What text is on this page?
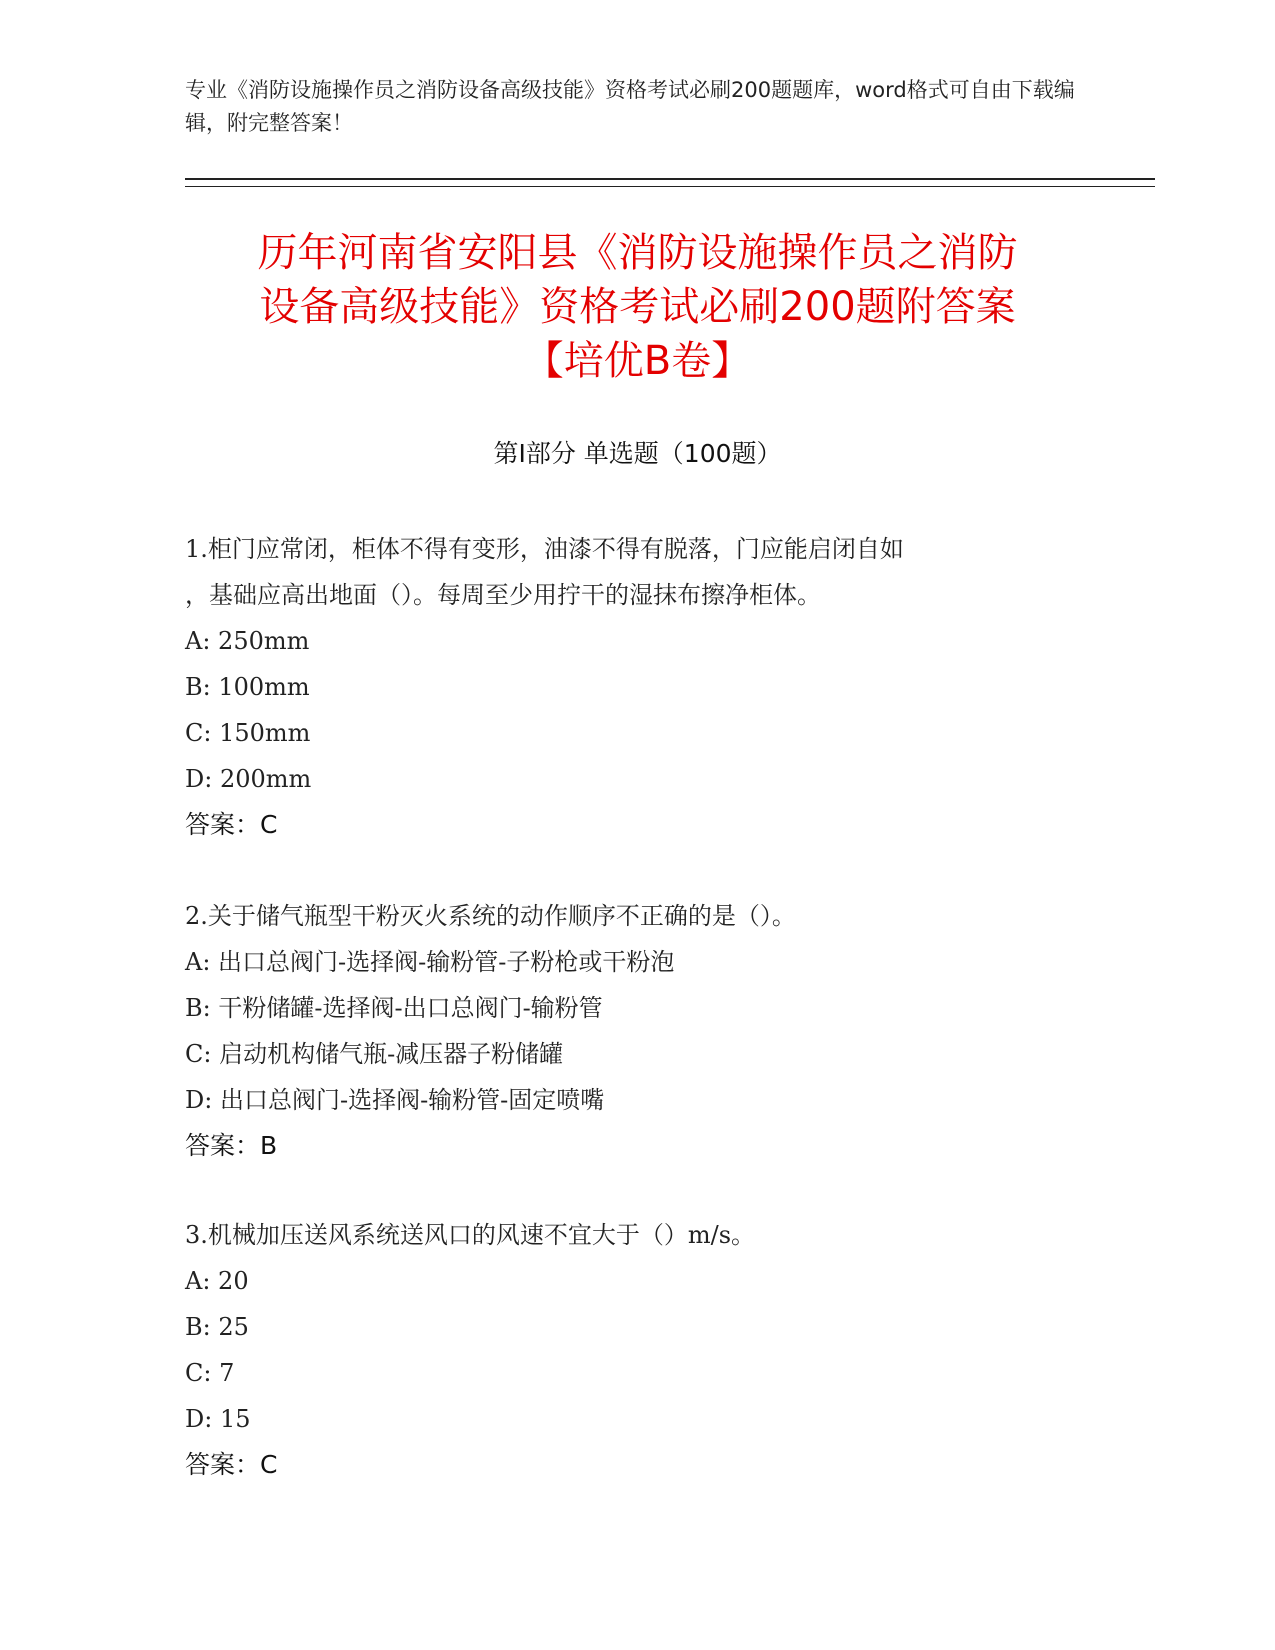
专业《消防设施操作员之消防设备高级技能》资格考试必刷200题题库，word格式可自由下载编辑，附完整答案！
历年河南省安阳县《消防设施操作员之消防
设备高级技能》资格考试必刷200题附答案
【培优B卷】
第Ⅰ部分 单选题（100题）
1.柜门应常闭，柜体不得有变形，油漆不得有脱落，门应能启闭自如
，基础应高出地面（）。每周至少用拧干的湿抹布擦净柜体。
A: 250mm
B: 100mm
C: 150mm
D: 200mm
答案：C
2.关于储气瓶型干粉灭火系统的动作顺序不正确的是（）。
A: 出口总阀门-选择阀-输粉管-子粉枪或干粉泡
B: 干粉储罐-选择阀-出口总阀门-输粉管
C: 启动机构储气瓶-减压器子粉储罐
D: 出口总阀门-选择阀-输粉管-固定喷嘴
答案：B
3.机械加压送风系统送风口的风速不宜大于（）m/s。
A: 20
B: 25
C: 7
D: 15
答案：C
